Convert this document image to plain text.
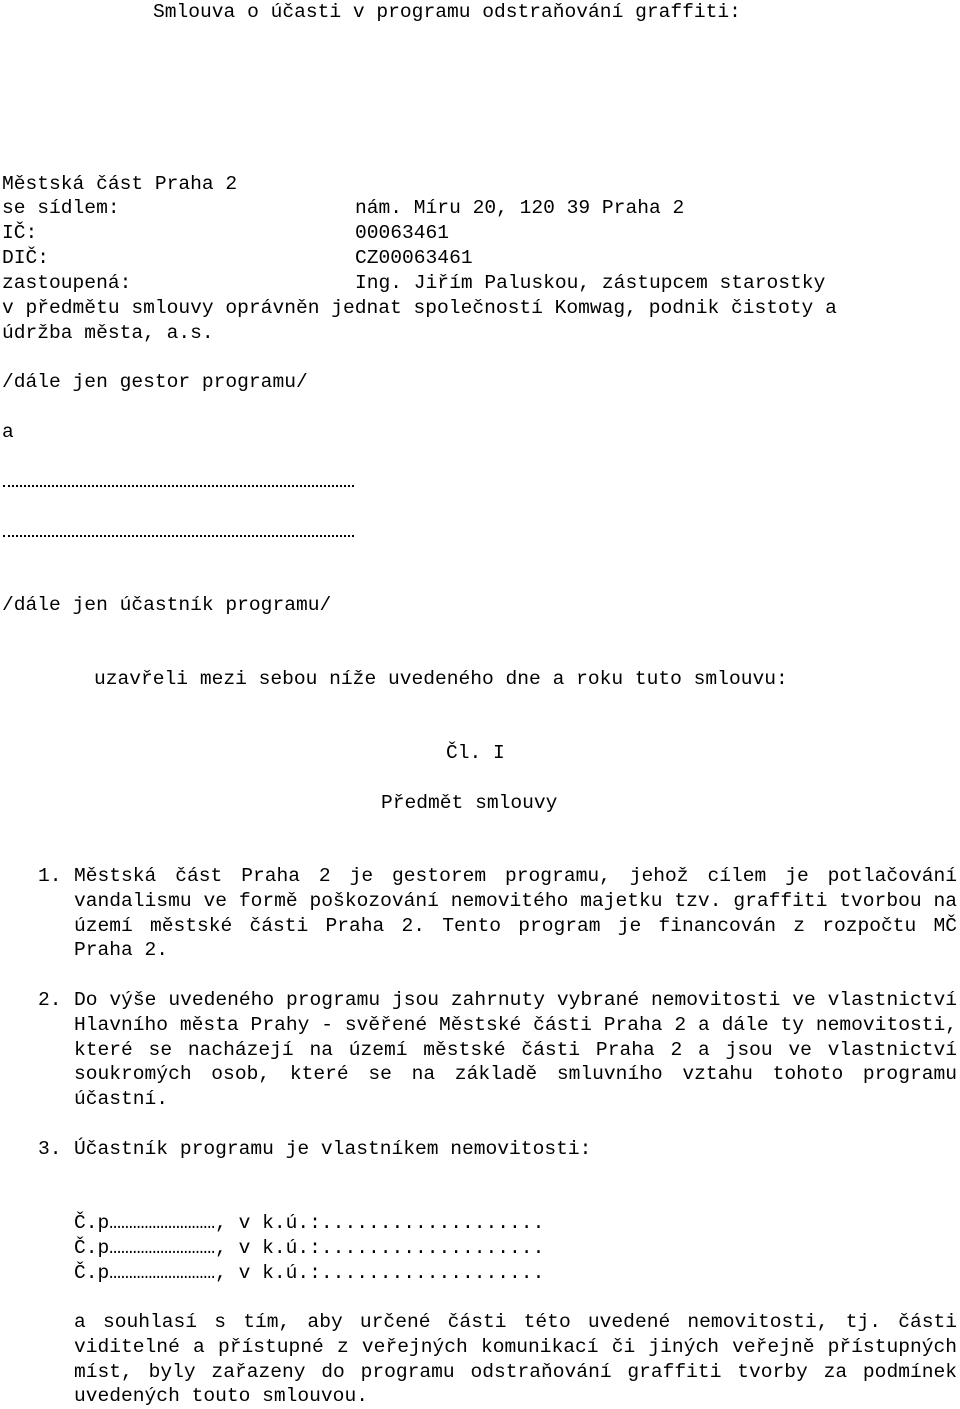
Smlouva o účasti v programu odstraňování graffiti:
Městská část Praha 2
se sídlem:	nám. Míru 20, 120 39 Praha 2
IČ:	00063461
DIČ:	CZ00063461
zastoupená:	Ing. Jiřím Paluskou, zástupcem starostky
v předmětu smlouvy oprávněn jednat společností Komwag, podnik čistoty a
údržba města, a.s.
/dále jen gestor programu/
a
/dále jen účastník programu/
uzavřeli mezi sebou níže uvedeného dne a roku tuto smlouvu:
Čl. I
Předmět smlouvy
1. Městská část Praha 2 je gestorem programu, jehož cílem je potlačování vandalismu ve formě poškozování nemovitého majetku tzv. graffiti tvorbou na území městské části Praha 2. Tento program je financován z rozpočtu MČ Praha 2.
2. Do výše uvedeného programu jsou zahrnuty vybrané nemovitosti ve vlastnictví Hlavního města Prahy - svěřené Městské části Praha 2 a dále ty nemovitosti, které se nacházejí na území městské části Praha 2 a jsou ve vlastnictví soukromých osob, které se na základě smluvního vztahu tohoto programu účastní.
3. Účastník programu je vlastníkem nemovitosti:
Č.p………………………, v k.ú.:...................
Č.p………………………, v k.ú.:...................
Č.p………………………, v k.ú.:...................
a souhlasí s tím, aby určené části této uvedené nemovitosti, tj. části viditelné a přístupné z veřejných komunikací či jiných veřejně přístupných míst, byly zařazeny do programu odstraňování graffiti tvorby za podmínek uvedených touto smlouvou.
